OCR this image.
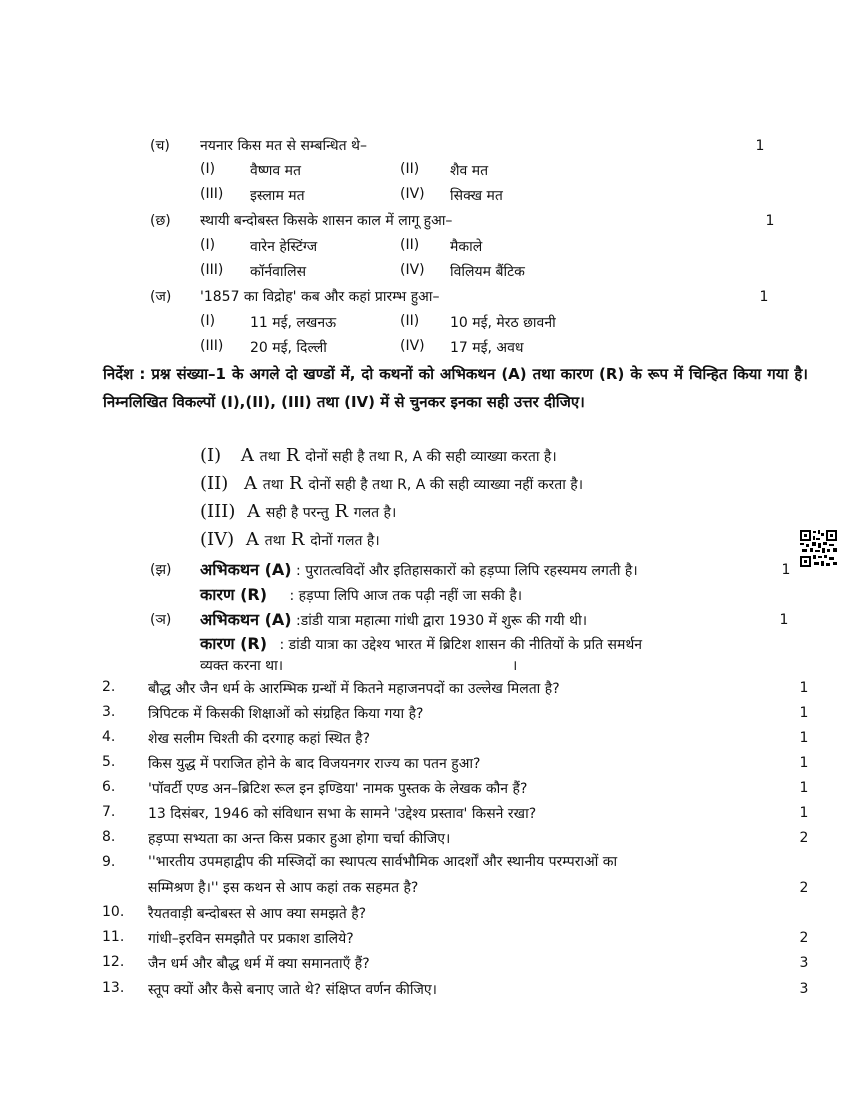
(च) नयनार किस मत से सम्बन्धित थे–	1
(I) वैष्णव मत	(II) शैव मत
(III) इस्लाम मत	(IV) सिक्ख मत
(छ) स्थायी बन्दोबस्त किसके शासन काल में लागू हुआ–	1
(I) वारेन हेस्टिंग्ज	(II) मैकाले
(III) कॉर्नवालिस	(IV) विलियम बैंटिक
(ज) '1857 का विद्रोह' कब और कहां प्रारम्भ हुआ–	1
(I) 11 मई, लखनऊ	(II) 10 मई, मेरठ छावनी
(III) 20 मई, दिल्ली	(IV) 17 मई, अवध
निर्देश : प्रश्न संख्या–1 के अगले दो खण्डों में, दो कथनों को अभिकथन (A) तथा कारण (R) के रूप में चिन्हित किया गया है। निम्नलिखित विकल्पों (I),(II), (III) तथा (IV) में से चुनकर इनका सही उत्तर दीजिए।
(I) A तथा R दोनों सही है तथा R, A की सही व्याख्या करता है।
(II) A तथा R दोनों सही है तथा R, A की सही व्याख्या नहीं करता है।
(III) A सही है परन्तु R गलत है।
(IV) A तथा R दोनों गलत है।
(झ) अभिकथन (A) : पुरातत्वविदों और इतिहासकारों को हड़प्पा लिपि रहस्यमय लगती है।	1
कारण (R) : हड़प्पा लिपि आज तक पढ़ी नहीं जा सकी है।
(ञ) अभिकथन (A) :डांडी यात्रा महात्मा गांधी द्वारा 1930 में शुरू की गयी थी।	1
कारण (R) : डांडी यात्रा का उद्देश्य भारत में ब्रिटिश शासन की नीतियों के प्रति समर्थन
व्यक्त करना था।	।
2. बौद्ध और जैन धर्म के आरम्भिक ग्रन्थों में कितने महाजनपदों का उल्लेख मिलता है?	1
3. त्रिपिटक में किसकी शिक्षाओं को संग्रहित किया गया है?	1
4. शेख सलीम चिश्ती की दरगाह कहां स्थित है?	1
5. किस युद्ध में पराजित होने के बाद विजयनगर राज्य का पतन हुआ?	1
6. 'पॉवर्टी एण्ड अन–ब्रिटिश रूल इन इण्डिया' नामक पुस्तक के लेखक कौन हैं?	1
7. 13 दिसंबर, 1946 को संविधान सभा के सामने 'उद्देश्य प्रस्ताव' किसने रखा?	1
8. हड़प्पा सभ्यता का अन्त किस प्रकार हुआ होगा चर्चा कीजिए।	2
9. ''भारतीय उपमहाद्वीप की मस्जिदों का स्थापत्य सार्वभौमिक आदर्शों और स्थानीय परम्पराओं का
सम्मिश्रण है।'' इस कथन से आप कहां तक सहमत है?	2
10. रैयतवाड़ी बन्दोबस्त से आप क्या समझते है?
11. गांधी–इरविन समझौते पर प्रकाश डालिये?	2
12. जैन धर्म और बौद्ध धर्म में क्या समानताऍं हैं?	3
13. स्तूप क्यों और कैसे बनाए जाते थे? संक्षिप्त वर्णन कीजिए।	3
